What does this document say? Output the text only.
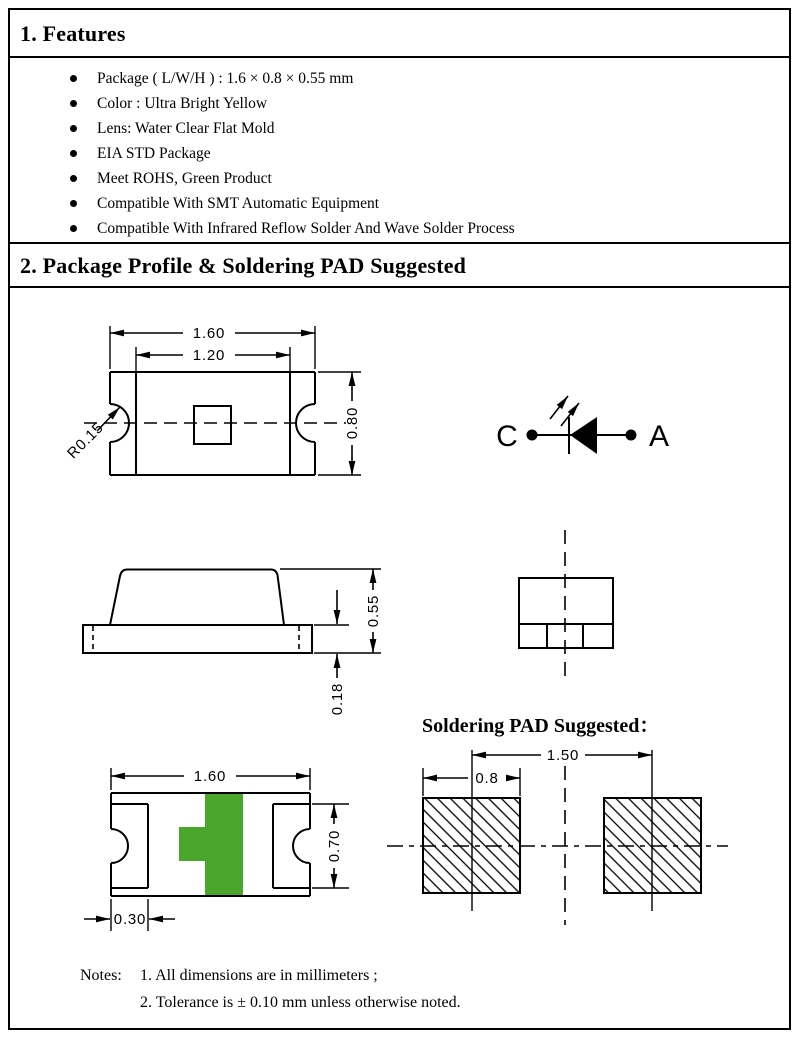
1. Features
Package ( L/W/H ) : 1.6 × 0.8 × 0.55 mm
Color : Ultra Bright Yellow
Lens: Water Clear Flat Mold
EIA STD Package
Meet ROHS, Green Product
Compatible With SMT Automatic Equipment
Compatible With Infrared Reflow Solder And Wave Solder Process
2. Package Profile & Soldering PAD Suggested
1.60
1.20
0.80
R0.15	C	A
0.55
0.18
Soldering PAD Suggested：
1.60
0.70
0.30
1.50
0.8
Notes: 1. All dimensions are in millimeters ;
2. Tolerance is ± 0.10 mm unless otherwise noted.
